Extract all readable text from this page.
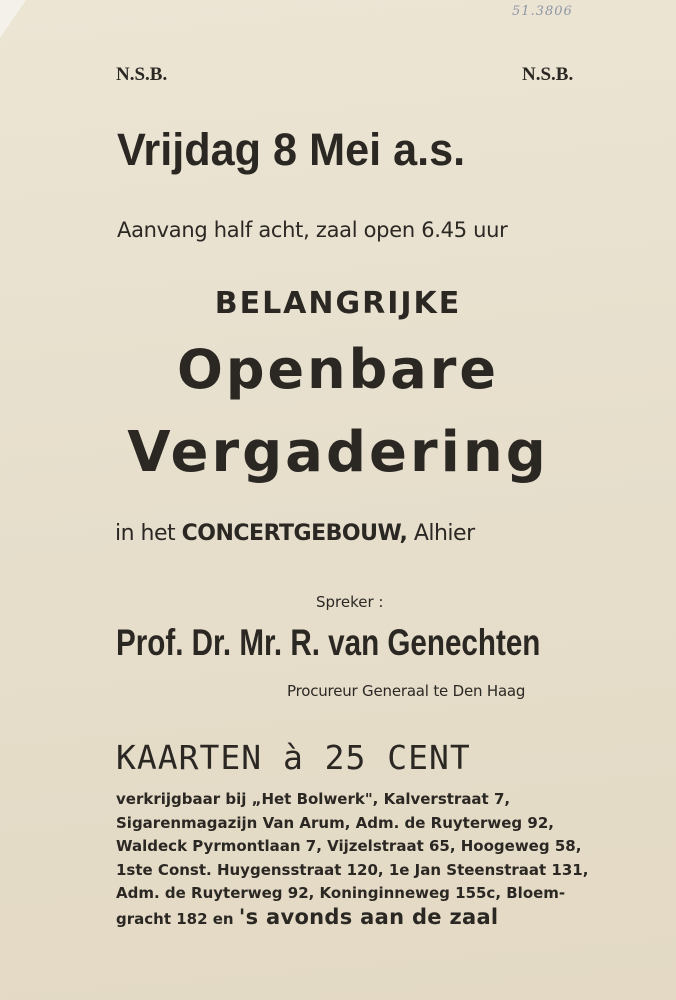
51.3806
N.S.B.	N.S.B.
Vrijdag 8 Mei a.s.
Aanvang half acht, zaal open 6.45 uur
BELANGRIJKE
Openbare
Vergadering
in het CONCERTGEBOUW, Alhier
Spreker :
Prof. Dr. Mr. R. van Genechten
Procureur Generaal te Den Haag
KAARTEN à 25 CENT
verkrijgbaar bij „Het Bolwerk", Kalverstraat 7,
Sigarenmagazijn Van Arum, Adm. de Ruyterweg 92,
Waldeck Pyrmontlaan 7, Vijzelstraat 65, Hoogeweg 58,
1ste Const. Huygensstraat 120, 1e Jan Steenstraat 131,
Adm. de Ruyterweg 92, Koninginneweg 155c, Bloem-
gracht 182 en 's avonds aan de zaal
